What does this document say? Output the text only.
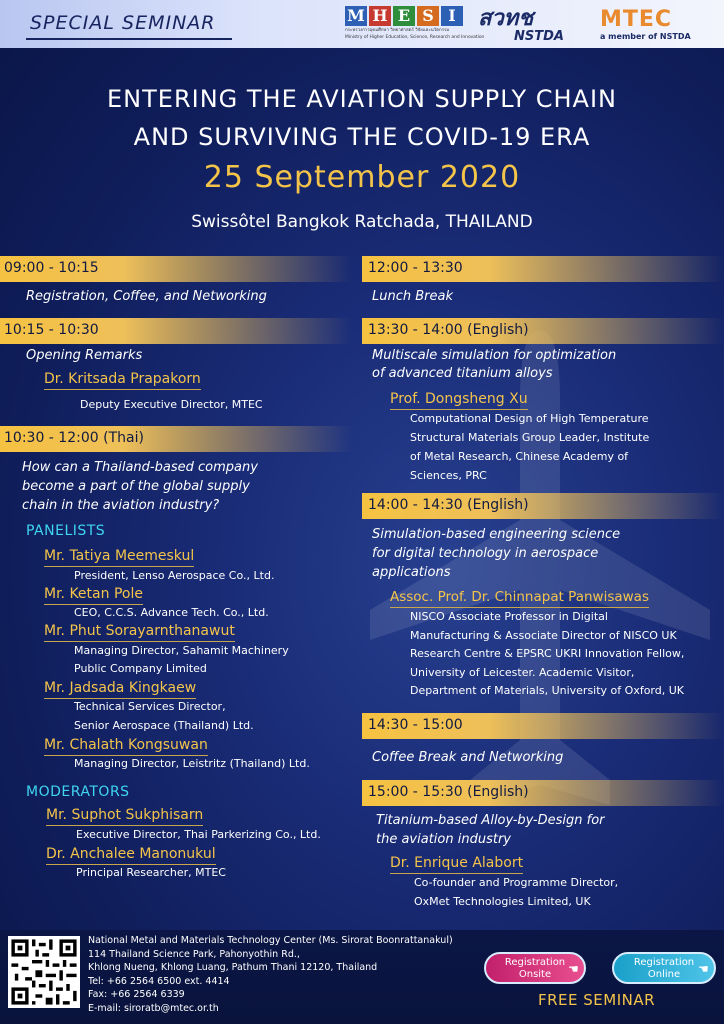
SPECIAL SEMINAR	M H E S I
กระทรวงการอุดมศึกษา วิทยาศาสตร์ วิจัยและนวัตกรรม
Ministry of Higher Education, Science, Research and Innovation
สวทช
NSTDA
MTEC
a member of NSTDA
ENTERING THE AVIATION SUPPLY CHAIN
AND SURVIVING THE COVID-19 ERA
25 September 2020
Swissôtel Bangkok Ratchada, THAILAND
09:00 - 10:15
Registration, Coffee, and Networking
10:15 - 10:30
Opening Remarks
Dr. Kritsada Prapakorn
Deputy Executive Director, MTEC
10:30 - 12:00 (Thai)
How can a Thailand-based company
become a part of the global supply
chain in the aviation industry?
PANELISTS
Mr. Tatiya Meemeskul
President, Lenso Aerospace Co., Ltd.
Mr. Ketan Pole
CEO, C.C.S. Advance Tech. Co., Ltd.
Mr. Phut Sorayarnthanawut
Managing Director, Sahamit Machinery
Public Company Limited
Mr. Jadsada Kingkaew
Technical Services Director,
Senior Aerospace (Thailand) Ltd.
Mr. Chalath Kongsuwan
Managing Director, Leistritz (Thailand) Ltd.
MODERATORS
Mr. Suphot Sukphisarn
Executive Director, Thai Parkerizing Co., Ltd.
Dr. Anchalee Manonukul
Principal Researcher, MTEC
12:00 - 13:30
Lunch Break
13:30 - 14:00 (English)
Multiscale simulation for optimization
of advanced titanium alloys
Prof. Dongsheng Xu
Computational Design of High Temperature
Structural Materials Group Leader, Institute
of Metal Research, Chinese Academy of
Sciences, PRC
14:00 - 14:30 (English)
Simulation-based engineering science
for digital technology in aerospace
applications
Assoc. Prof. Dr. Chinnapat Panwisawas
NISCO Associate Professor in Digital
Manufacturing & Associate Director of NISCO UK
Research Centre & EPSRC UKRI Innovation Fellow,
University of Leicester. Academic Visitor,
Department of Materials, University of Oxford, UK
14:30 - 15:00
Coffee Break and Networking
15:00 - 15:30 (English)
Titanium-based Alloy-by-Design for
the aviation industry
Dr. Enrique Alabort
Co-founder and Programme Director,
OxMet Technologies Limited, UK
National Metal and Materials Technology Center (Ms. Sirorat Boonrattanakul)
114 Thailand Science Park, Pahonyothin Rd.,
Khlong Nueng, Khlong Luang, Pathum Thani 12120, Thailand
Tel: +66 2564 6500 ext. 4414
Fax: +66 2564 6339
E-mail: siroratb@mtec.or.th
Registration
Onsite	☚	Registration
Online	☚
FREE SEMINAR
